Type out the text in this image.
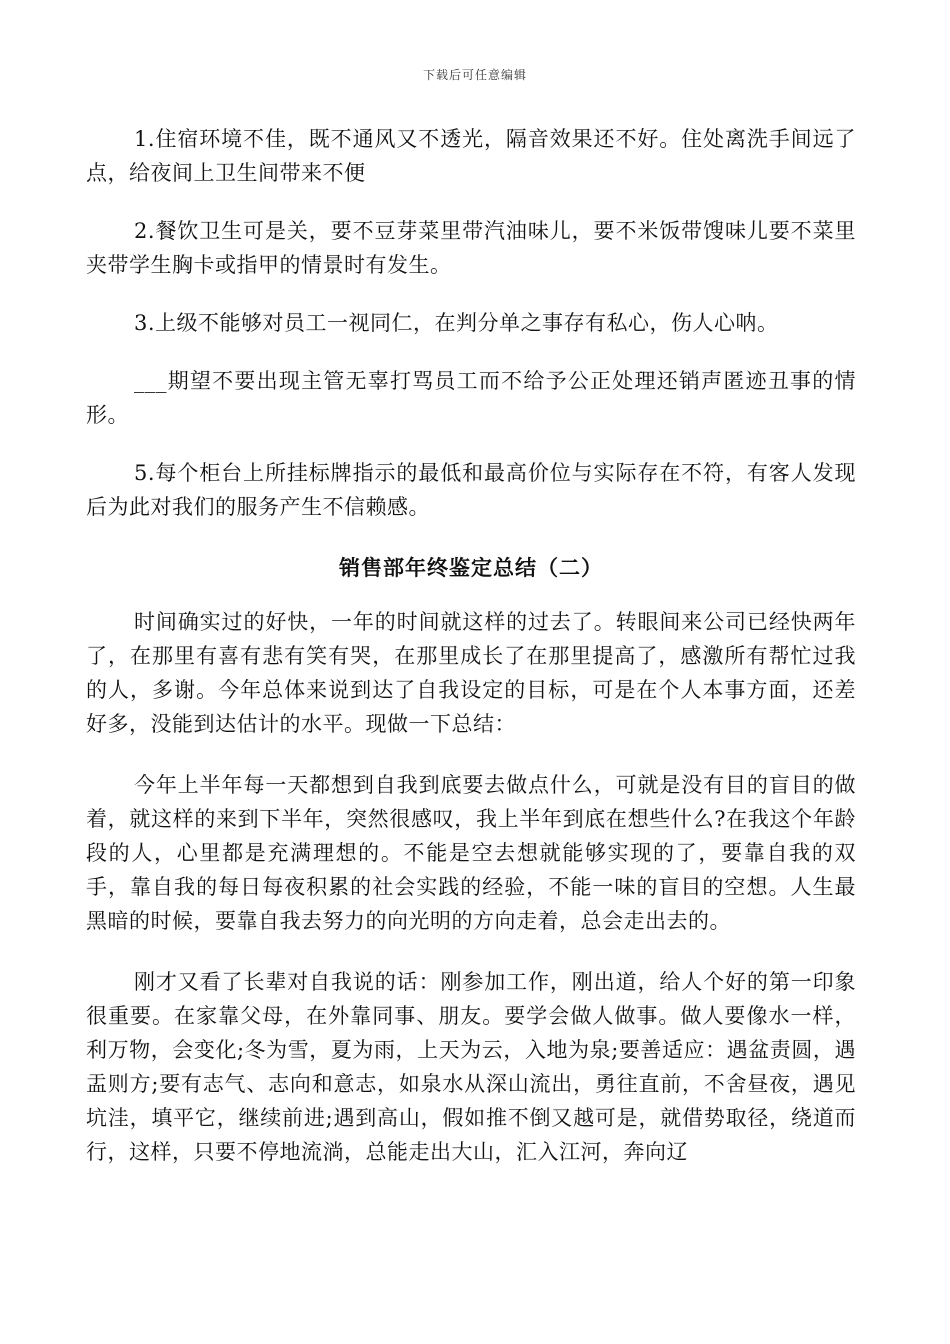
下载后可任意编辑

1.住宿环境不佳，既不通风又不透光，隔音效果还不好。住处离洗手间远了点，给夜间上卫生间带来不便

2.餐饮卫生可是关，要不豆芽菜里带汽油味儿，要不米饭带馊味儿要不菜里夹带学生胸卡或指甲的情景时有发生。

3.上级不能够对员工一视同仁，在判分单之事存有私心，伤人心呐。

___期望不要出现主管无辜打骂员工而不给予公正处理还销声匿迹丑事的情形。

5.每个柜台上所挂标牌指示的最低和最高价位与实际存在不符，有客人发现后为此对我们的服务产生不信赖感。

销售部年终鉴定总结（二）

时间确实过的好快，一年的时间就这样的过去了。转眼间来公司已经快两年了，在那里有喜有悲有笑有哭，在那里成长了在那里提高了，感激所有帮忙过我的人，多谢。今年总体来说到达了自我设定的目标，可是在个人本事方面，还差好多，没能到达估计的水平。现做一下总结：

今年上半年每一天都想到自我到底要去做点什么，可就是没有目的盲目的做着，就这样的来到下半年，突然很感叹，我上半年到底在想些什么?在我这个年龄段的人，心里都是充满理想的。不能是空去想就能够实现的了，要靠自我的双手，靠自我的每日每夜积累的社会实践的经验，不能一味的盲目的空想。人生最黑暗的时候，要靠自我去努力的向光明的方向走着，总会走出去的。

刚才又看了长辈对自我说的话：刚参加工作，刚出道，给人个好的第一印象很重要。在家靠父母，在外靠同事、朋友。要学会做人做事。做人要像水一样，利万物，会变化;冬为雪，夏为雨，上天为云，入地为泉;要善适应：遇盆责圆，遇盂则方;要有志气、志向和意志，如泉水从深山流出，勇往直前，不舍昼夜，遇见坑洼，填平它，继续前进;遇到高山，假如推不倒又越可是，就借势取径，绕道而行，这样，只要不停地流淌，总能走出大山，汇入江河，奔向辽
